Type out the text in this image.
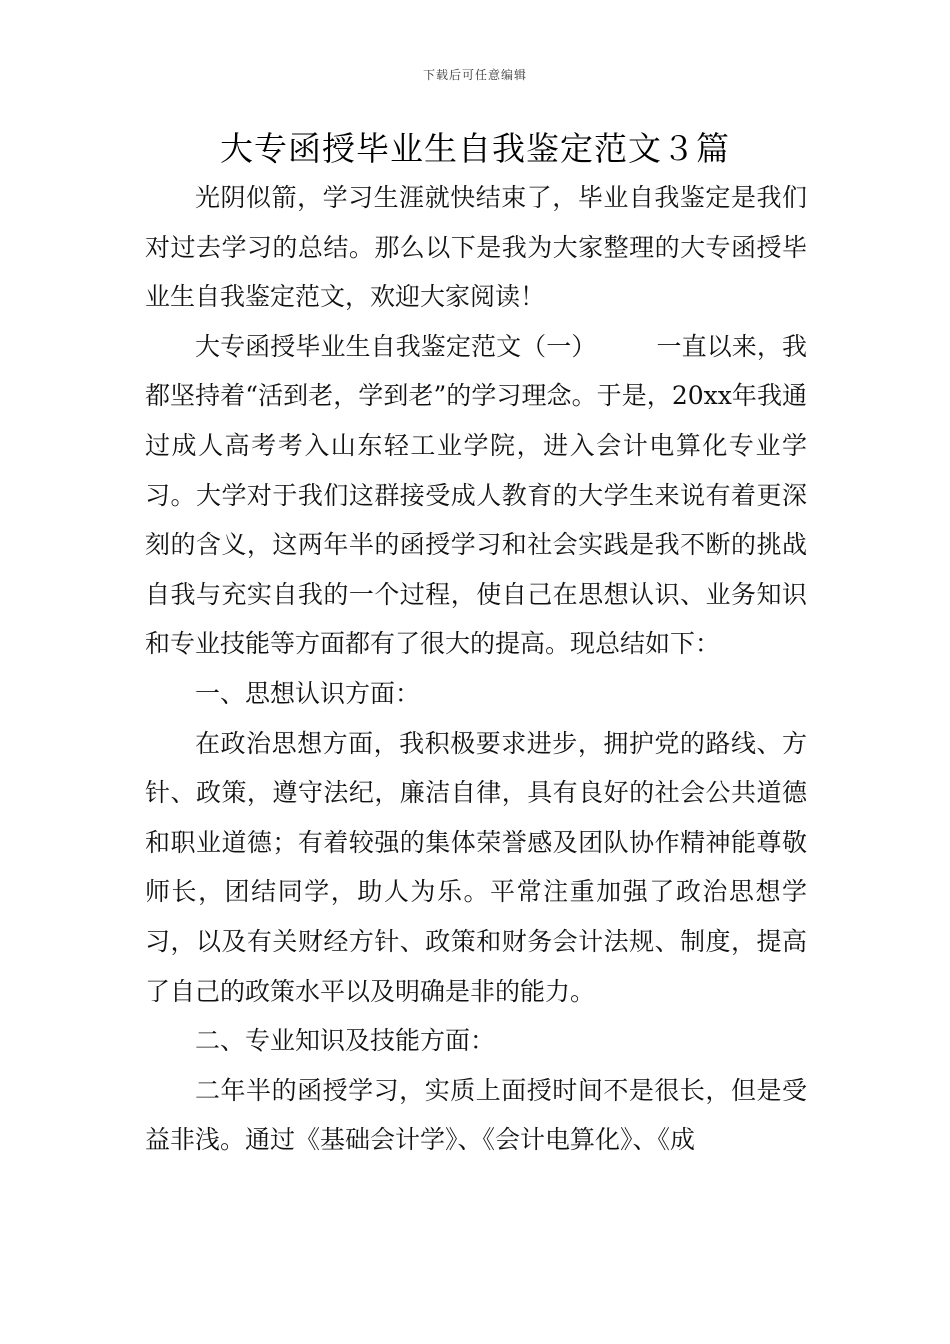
下载后可任意编辑
大专函授毕业生自我鉴定范文３篇

光阴似箭，学习生涯就快结束了，毕业自我鉴定是我们对过去学习的总结。那么以下是我为大家整理的大专函授毕业生自我鉴定范文，欢迎大家阅读！

大专函授毕业生自我鉴定范文（一） 一直以来，我都坚持着“活到老，学到老”的学习理念。于是，20xx年我通过成人高考考入山东轻工业学院，进入会计电算化专业学习。大学对于我们这群接受成人教育的大学生来说有着更深刻的含义，这两年半的函授学习和社会实践是我不断的挑战自我与充实自我的一个过程，使自己在思想认识、业务知识和专业技能等方面都有了很大的提高。现总结如下：

一、思想认识方面：

在政治思想方面，我积极要求进步，拥护党的路线、方针、政策，遵守法纪，廉洁自律，具有良好的社会公共道德和职业道德；有着较强的集体荣誉感及团队协作精神能尊敬师长，团结同学，助人为乐。平常注重加强了政治思想学习，以及有关财经方针、政策和财务会计法规、制度，提高了自己的政策水平以及明确是非的能力。

二、专业知识及技能方面：

二年半的函授学习，实质上面授时间不是很长，但是受益非浅。通过《基础会计学》、《会计电算化》、《成
